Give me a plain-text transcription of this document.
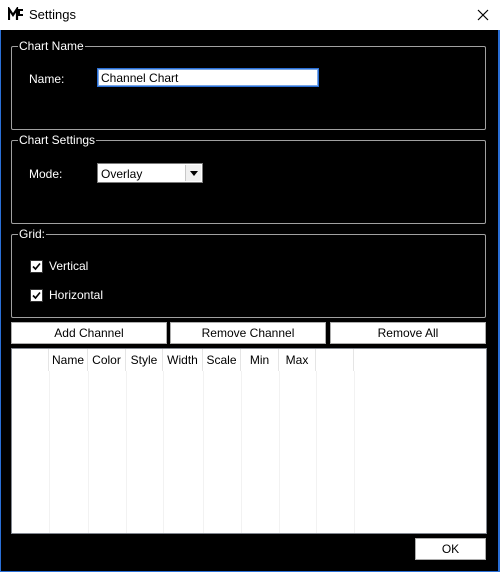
Settings
Chart Name
Name:
Channel Chart
Chart Settings
Mode:	Overlay
Grid:
Vertical
Horizontal
Add Channel	Remove Channel	Remove All
Name Color Style Width Scale	Min	Max
OK
